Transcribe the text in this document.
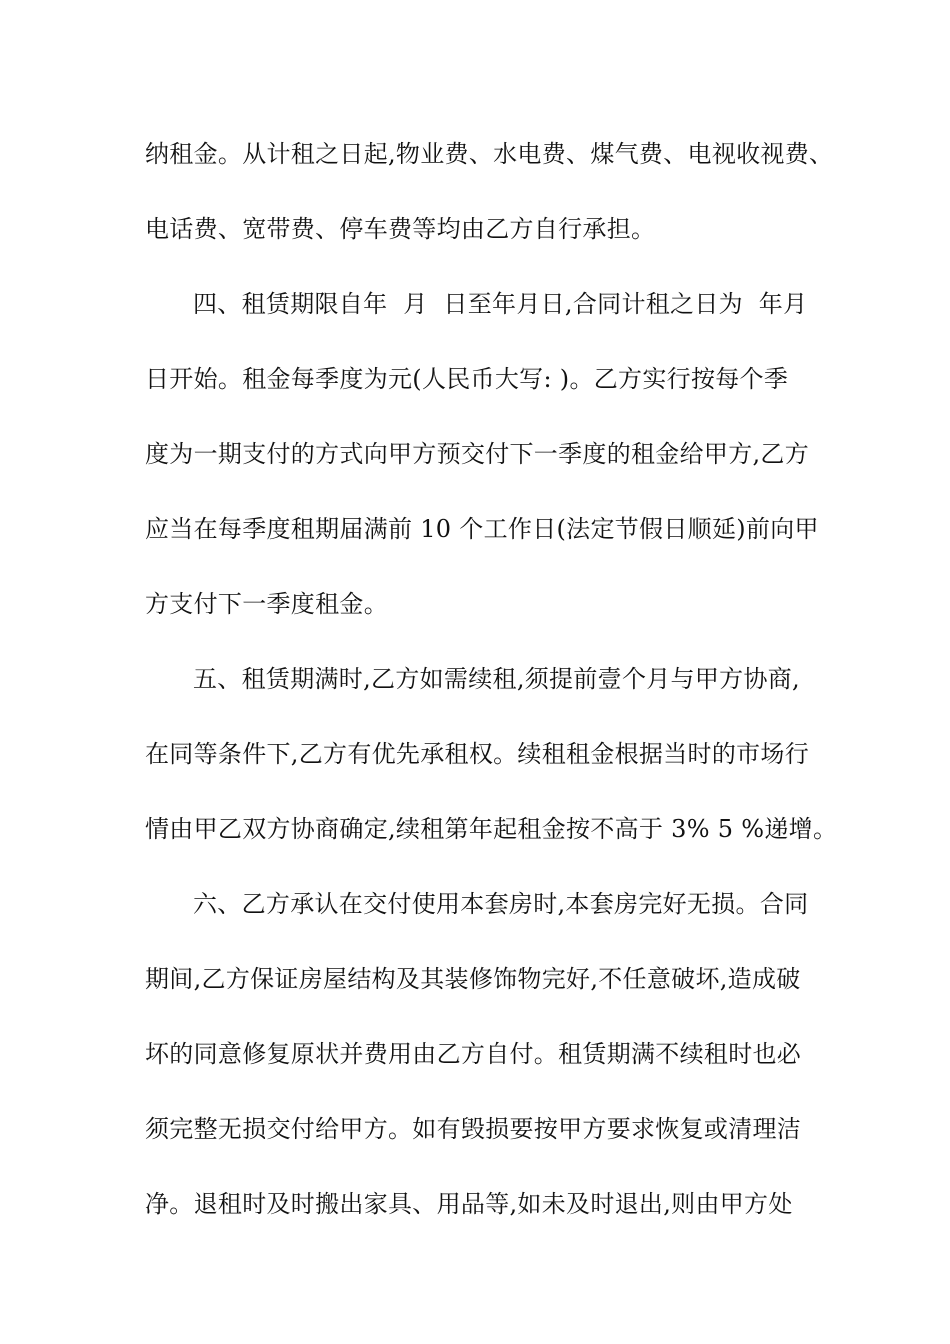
纳租金。从计租之日起,物业费、水电费、煤气费、电视收视费、
电话费、宽带费、停车费等均由乙方自行承担。
四、租赁期限自年  月  日至年月日,合同计租之日为  年月
日开始。租金每季度为元(人民币大写: )。乙方实行按每个季
度为一期支付的方式向甲方预交付下一季度的租金给甲方,乙方
应当在每季度租期届满前 10 个工作日(法定节假日顺延)前向甲
方支付下一季度租金。
五、租赁期满时,乙方如需续租,须提前壹个月与甲方协商,
在同等条件下,乙方有优先承租权。续租租金根据当时的市场行
情由甲乙双方协商确定,续租第年起租金按不高于 3% 5 %递增。
六、乙方承认在交付使用本套房时,本套房完好无损。合同
期间,乙方保证房屋结构及其装修饰物完好,不任意破坏,造成破
坏的同意修复原状并费用由乙方自付。租赁期满不续租时也必
须完整无损交付给甲方。如有毁损要按甲方要求恢复或清理洁
净。退租时及时搬出家具、用品等,如未及时退出,则由甲方处
